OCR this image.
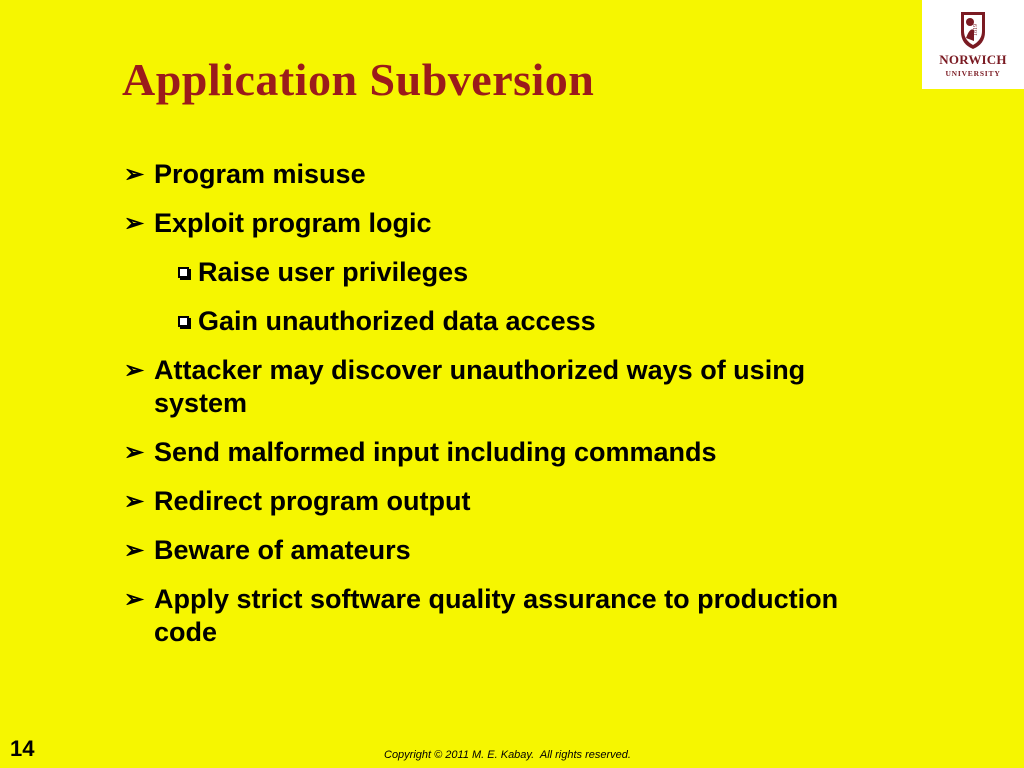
Application Subversion
1819
NORWICH
UNIVERSITY
➢ Program misuse
➢ Exploit program logic
Raise user privileges
Gain unauthorized data access
➢ Attacker may discover unauthorized ways of using system
➢ Send malformed input including commands
➢ Redirect program output
➢ Beware of amateurs
➢ Apply strict software quality assurance to production code
14	Copyright © 2011 M. E. Kabay.  All rights reserved.
